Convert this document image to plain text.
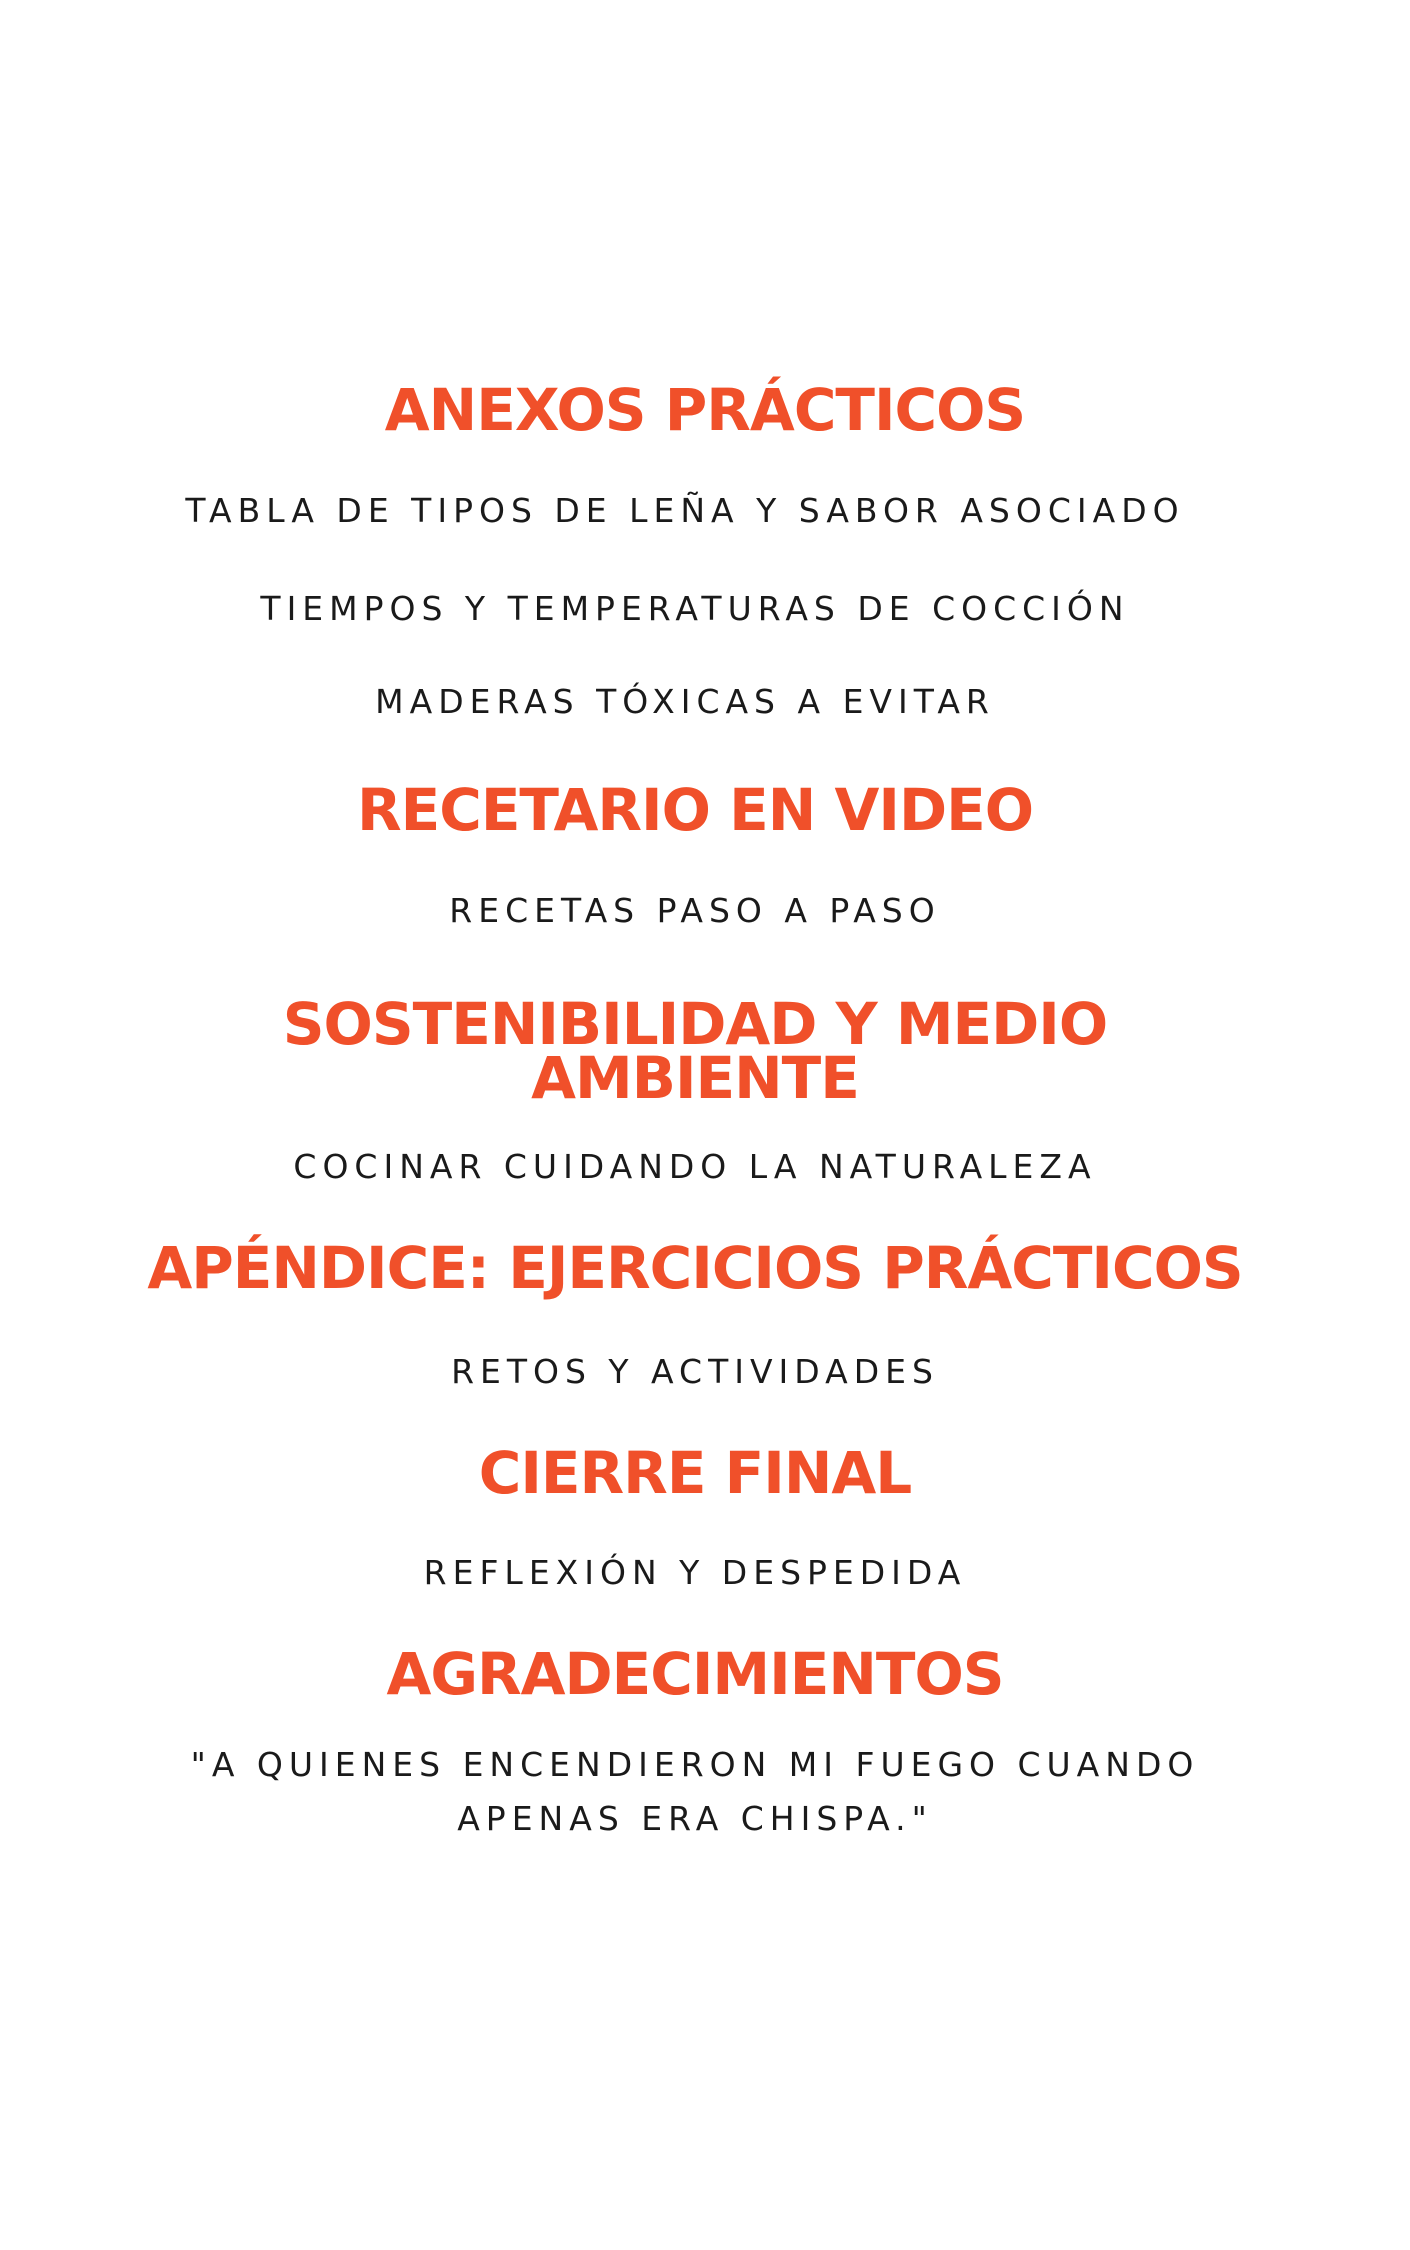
ANEXOS PRÁCTICOS

TABLA DE TIPOS DE LEÑA Y SABOR ASOCIADO

TIEMPOS Y TEMPERATURAS DE COCCIÓN

MADERAS TÓXICAS A EVITAR

RECETARIO EN VIDEO

RECETAS PASO A PASO

SOSTENIBILIDAD Y MEDIO
AMBIENTE

COCINAR CUIDANDO LA NATURALEZA

APÉNDICE: EJERCICIOS PRÁCTICOS

RETOS Y ACTIVIDADES

CIERRE FINAL

REFLEXIÓN Y DESPEDIDA

AGRADECIMIENTOS

"A QUIENES ENCENDIERON MI FUEGO CUANDO
APENAS ERA CHISPA."
